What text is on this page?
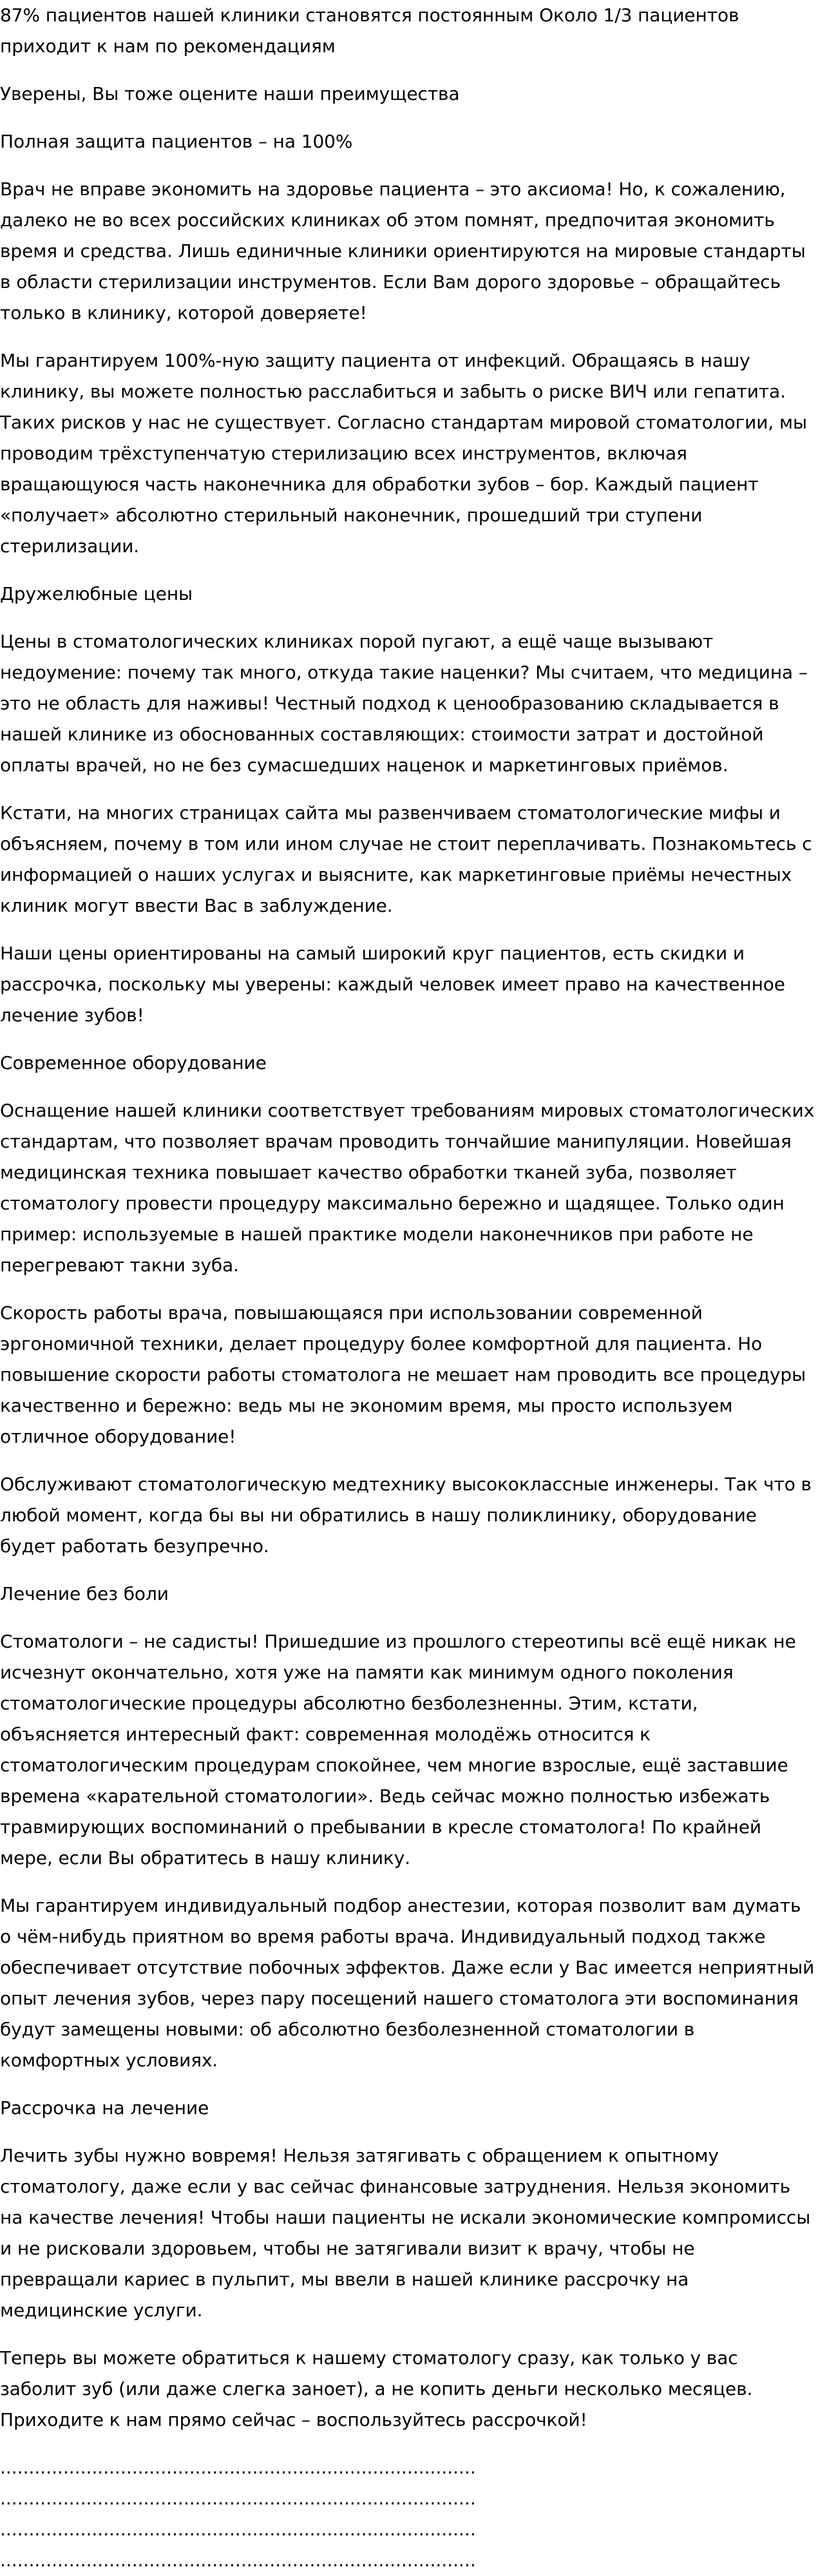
87% пациентов нашей клиники становятся постоянным Около 1/3 пациентов приходит к нам по рекомендациям

Уверены, Вы тоже оцените наши преимущества

Полная защита пациентов – на 100%

Врач не вправе экономить на здоровье пациента – это аксиома! Но, к сожалению, далеко не во всех российских клиниках об этом помнят, предпочитая экономить время и средства. Лишь единичные клиники ориентируются на мировые стандарты в области стерилизации инструментов. Если Вам дорого здоровье – обращайтесь только в клинику, которой доверяете!

Мы гарантируем 100%-ную защиту пациента от инфекций. Обращаясь в нашу клинику, вы можете полностью расслабиться и забыть о риске ВИЧ или гепатита. Таких рисков у нас не существует. Согласно стандартам мировой стоматологии, мы проводим трёхступенчатую стерилизацию всех инструментов, включая вращающуюся часть наконечника для обработки зубов – бор. Каждый пациент «получает» абсолютно стерильный наконечник, прошедший три ступени стерилизации.

Дружелюбные цены

Цены в стоматологических клиниках порой пугают, а ещё чаще вызывают недоумение: почему так много, откуда такие наценки? Мы считаем, что медицина – это не область для наживы! Честный подход к ценообразованию складывается в нашей клинике из обоснованных составляющих: стоимости затрат и достойной оплаты врачей, но не без сумасшедших наценок и маркетинговых приёмов.

Кстати, на многих страницах сайта мы развенчиваем стоматологические мифы и объясняем, почему в том или ином случае не стоит переплачивать. Познакомьтесь с информацией о наших услугах и выясните, как маркетинговые приёмы нечестных клиник могут ввести Вас в заблуждение.

Наши цены ориентированы на самый широкий круг пациентов, есть скидки и рассрочка, поскольку мы уверены: каждый человек имеет право на качественное лечение зубов!

Современное оборудование

Оснащение нашей клиники соответствует требованиям мировых стоматологических стандартам, что позволяет врачам проводить тончайшие манипуляции. Новейшая медицинская техника повышает качество обработки тканей зуба, позволяет стоматологу провести процедуру максимально бережно и щадящее. Только один пример: используемые в нашей практике модели наконечников при работе не перегревают такни зуба.

Скорость работы врача, повышающаяся при использовании современной эргономичной техники, делает процедуру более комфортной для пациента. Но повышение скорости работы стоматолога не мешает нам проводить все процедуры качественно и бережно: ведь мы не экономим время, мы просто используем отличное оборудование!

Обслуживают стоматологическую медтехнику высококлассные инженеры. Так что в любой момент, когда бы вы ни обратились в нашу поликлинику, оборудование будет работать безупречно.

Лечение без боли

Стоматологи – не садисты! Пришедшие из прошлого стереотипы всё ещё никак не исчезнут окончательно, хотя уже на памяти как минимум одного поколения стоматологические процедуры абсолютно безболезненны. Этим, кстати, объясняется интересный факт: современная молодёжь относится к стоматологическим процедурам спокойнее, чем многие взрослые, ещё заставшие времена «карательной стоматологии». Ведь сейчас можно полностью избежать травмирующих воспоминаний о пребывании в кресле стоматолога! По крайней мере, если Вы обратитесь в нашу клинику.

Мы гарантируем индивидуальный подбор анестезии, которая позволит вам думать о чём-нибудь приятном во время работы врача. Индивидуальный подход также обеспечивает отсутствие побочных эффектов. Даже если у Вас имеется неприятный опыт лечения зубов, через пару посещений нашего стоматолога эти воспоминания будут замещены новыми: об абсолютно безболезненной стоматологии в комфортных условиях.

Рассрочка на лечение

Лечить зубы нужно вовремя! Нельзя затягивать с обращением к опытному стоматологу, даже если у вас сейчас финансовые затруднения. Нельзя экономить на качестве лечения! Чтобы наши пациенты не искали экономические компромиссы и не рисковали здоровьем, чтобы не затягивали визит к врачу, чтобы не превращали кариес в пульпит, мы ввели в нашей клинике рассрочку на медицинские услуги.

Теперь вы можете обратиться к нашему стоматологу сразу, как только у вас заболит зуб (или даже слегка заноет), а не копить деньги несколько месяцев. Приходите к нам прямо сейчас – воспользуйтесь рассрочкой!

...................................................................................
...................................................................................
...................................................................................
...................................................................................
